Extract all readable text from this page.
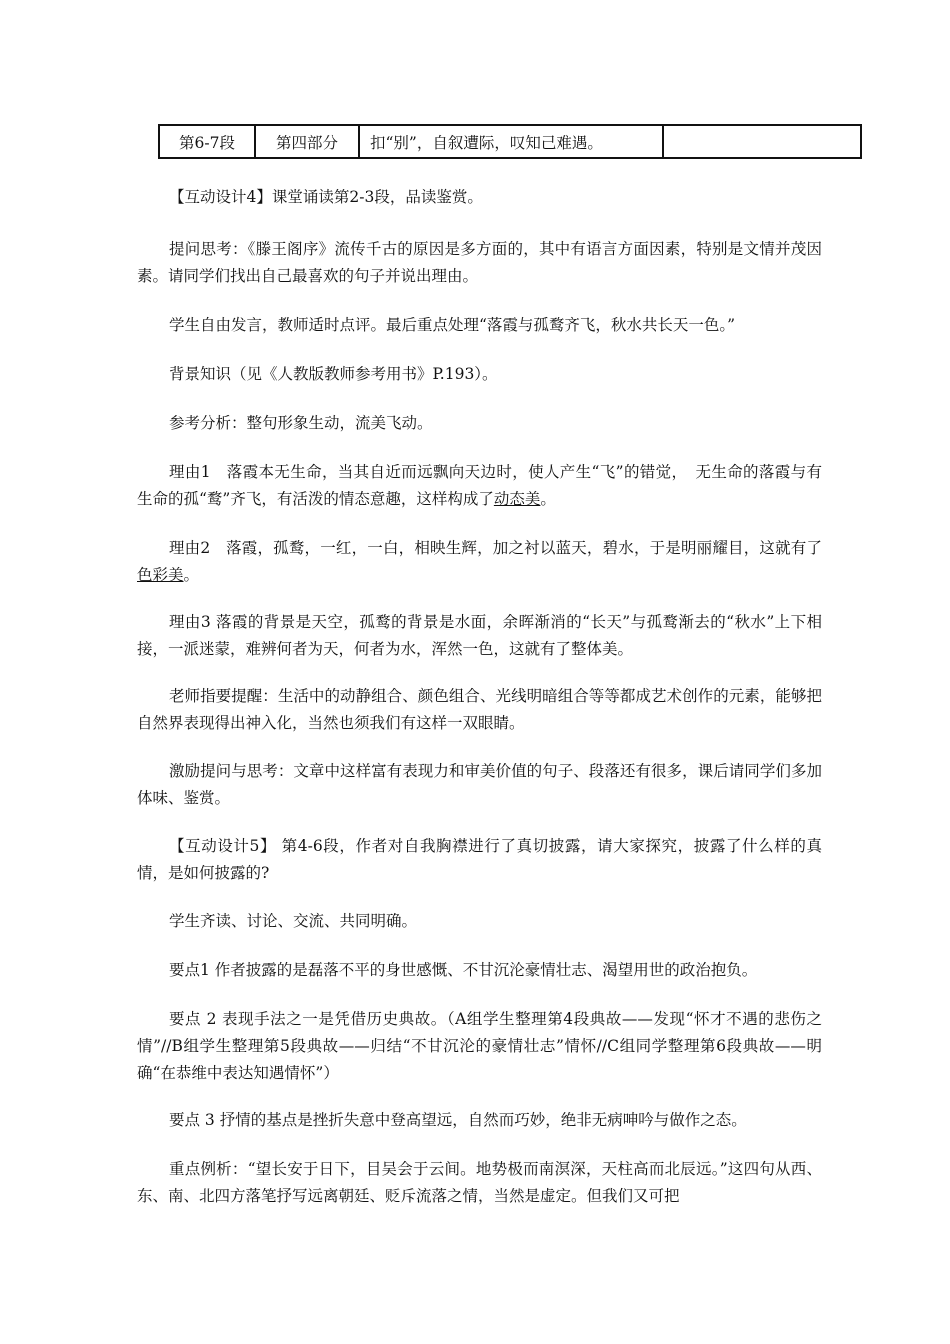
第6-7段	第四部分	扣“别”，自叙遭际，叹知己难遇。	

【互动设计4】课堂诵读第2-3段，品读鉴赏。

提问思考：《滕王阁序》流传千古的原因是多方面的，其中有语言方面因素，特别是文情并茂因素。请同学们找出自己最喜欢的句子并说出理由。

学生自由发言，教师适时点评。最后重点处理“落霞与孤鹜齐飞，秋水共长天一色。”

背景知识（见《人教版教师参考用书》P.193）。

参考分析：整句形象生动，流美飞动。

理由1　落霞本无生命，当其自近而远飘向天边时，使人产生“飞”的错觉，　无生命的落霞与有生命的孤“鹜”齐飞，有活泼的情态意趣，这样构成了动态美。

理由2　落霞，孤鹜，一红，一白，相映生辉，加之衬以蓝天，碧水，于是明丽耀目，这就有了色彩美。

理由3 落霞的背景是天空，孤鹜的背景是水面，余晖渐消的“长天”与孤鹜渐去的“秋水”上下相接，一派迷蒙，难辨何者为天，何者为水，浑然一色，这就有了整体美。

老师指要提醒：生活中的动静组合、颜色组合、光线明暗组合等等都成艺术创作的元素，能够把自然界表现得出神入化，当然也须我们有这样一双眼睛。

激励提问与思考：文章中这样富有表现力和审美价值的句子、段落还有很多，课后请同学们多加体味、鉴赏。

【互动设计5】 第4-6段，作者对自我胸襟进行了真切披露，请大家探究，披露了什么样的真情，是如何披露的?

学生齐读、讨论、交流、共同明确。

要点1 作者披露的是磊落不平的身世感慨、不甘沉沦豪情壮志、渴望用世的政治抱负。

要点 2 表现手法之一是凭借历史典故。（A组学生整理第4段典故——发现“怀才不遇的悲伤之情”//B组学生整理第5段典故——归结“不甘沉沦的豪情壮志”情怀//C组同学整理第6段典故——明确“在恭维中表达知遇情怀”）

要点 3 抒情的基点是挫折失意中登高望远，自然而巧妙，绝非无病呻吟与做作之态。

重点例析：“望长安于日下，目吴会于云间。地势极而南溟深，天柱高而北辰远。”这四句从西、东、南、北四方落笔抒写远离朝廷、贬斥流落之情，当然是虚定。但我们又可把
